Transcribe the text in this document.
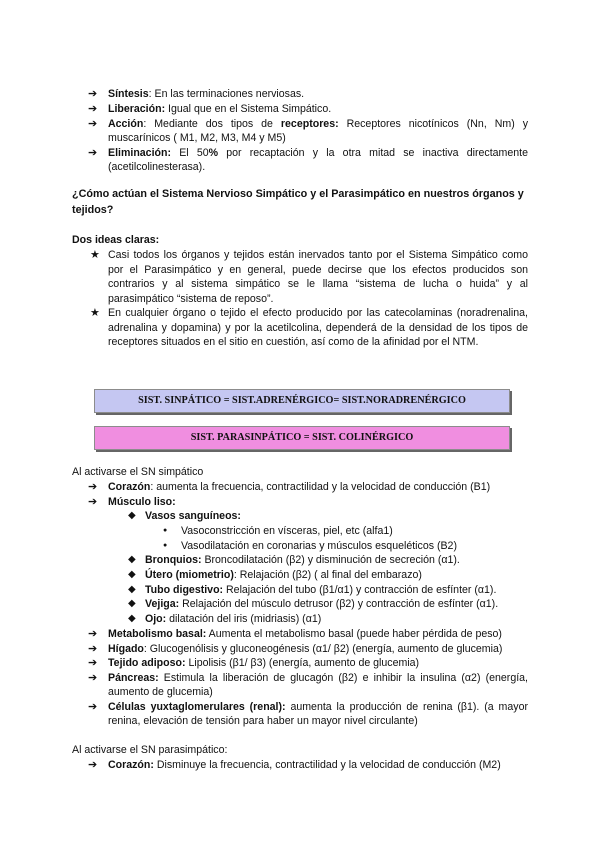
➔ Síntesis: En las terminaciones nerviosas.
➔ Liberación: Igual que en el Sistema Simpático.
➔ Acción: Mediante dos tipos de receptores: Receptores nicotínicos (Nn, Nm) y muscarínicos ( M1, M2, M3, M4 y M5)
➔ Eliminación: El 50% por recaptación y la otra mitad se inactiva directamente (acetilcolinesterasa).
¿Cómo actúan el Sistema Nervioso Simpático y el Parasimpático en nuestros órganos y tejidos?
Dos ideas claras:
★ Casi todos los órganos y tejidos están inervados tanto por el Sistema Simpático como por el Parasimpático y en general, puede decirse que los efectos producidos son contrarios y al sistema simpático se le llama “sistema de lucha o huida” y al parasimpático “sistema de reposo”.
★ En cualquier órgano o tejido el efecto producido por las catecolaminas (noradrenalina, adrenalina y dopamina) y por la acetilcolina, dependerá de la densidad de los tipos de receptores situados en el sitio en cuestión, así como de la afinidad por el NTM.
SIST. SINPÁTICO = SIST.ADRENÉRGICO= SIST.NORADRENÉRGICO
SIST. PARASINPÁTICO = SIST. COLINÉRGICO
Al activarse el SN simpático
➔ Corazón: aumenta la frecuencia, contractilidad y la velocidad de conducción (B1)
➔ Músculo liso:
◆ Vasos sanguíneos:
● Vasoconstricción en vísceras, piel, etc (alfa1)
● Vasodilatación en coronarias y músculos esqueléticos (B2)
◆ Bronquios: Broncodilatación (β2) y disminución de secreción (α1).
◆ Útero (miometrio): Relajación (β2) ( al final del embarazo)
◆ Tubo digestivo: Relajación del tubo (β1/α1) y contracción de esfínter (α1).
◆ Vejiga: Relajación del músculo detrusor (β2) y contracción de esfínter (α1).
◆ Ojo: dilatación del iris (midriasis) (α1)
➔ Metabolismo basal: Aumenta el metabolismo basal (puede haber pérdida de peso)
➔ Hígado: Glucogenólisis y gluconeogénesis (α1/ β2) (energía, aumento de glucemia)
➔ Tejido adiposo: Lipolisis (β1/ β3) (energía, aumento de glucemia)
➔ Páncreas: Estimula la liberación de glucagón (β2) e inhibir la insulina (α2) (energía, aumento de glucemia)
➔ Células yuxtaglomerulares (renal): aumenta la producción de renina (β1). (a mayor renina, elevación de tensión para haber un mayor nivel circulante)
Al activarse el SN parasimpático:
➔ Corazón: Disminuye la frecuencia, contractilidad y la velocidad de conducción (M2)
